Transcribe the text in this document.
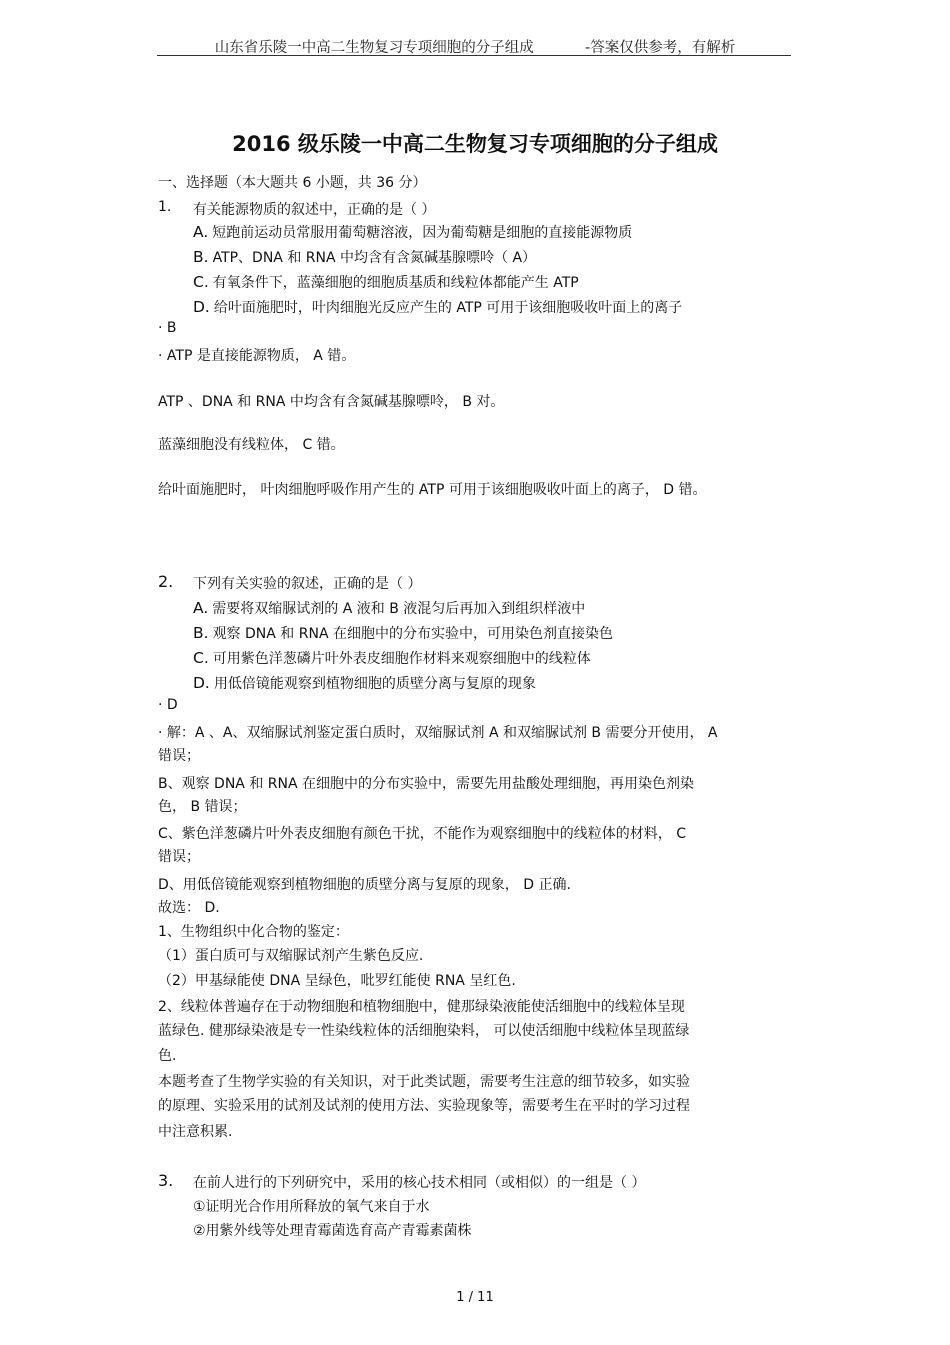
山东省乐陵一中高二生物复习专项细胞的分子组成	-答案仅供参考，有解析
2016 级乐陵一中高二生物复习专项细胞的分子组成
一、选择题（本大题共 6 小题，共 36 分）
1. 有关能源物质的叙述中，正确的是（ ）
A. 短跑前运动员常服用葡萄糖溶液，因为葡萄糖是细胞的直接能源物质
B. ATP、DNA 和 RNA 中均含有含氮碱基腺嘌呤（ A）
C. 有氧条件下，蓝藻细胞的细胞质基质和线粒体都能产生 ATP
D. 给叶面施肥时，叶肉细胞光反应产生的 ATP 可用于该细胞吸收叶面上的离子
· B
· ATP 是直接能源物质， A 错。
ATP 、DNA 和 RNA 中均含有含氮碱基腺嘌呤， B 对。
蓝藻细胞没有线粒体， C 错。
给叶面施肥时， 叶肉细胞呼吸作用产生的 ATP 可用于该细胞吸收叶面上的离子， D 错。
2. 下列有关实验的叙述，正确的是（ ）
A. 需要将双缩脲试剂的 A 液和 B 液混匀后再加入到组织样液中
B. 观察 DNA 和 RNA 在细胞中的分布实验中，可用染色剂直接染色
C. 可用紫色洋葱磷片叶外表皮细胞作材料来观察细胞中的线粒体
D. 用低倍镜能观察到植物细胞的质壁分离与复原的现象
· D
· 解：A 、A、双缩脲试剂鉴定蛋白质时，双缩脲试剂 A 和双缩脲试剂 B 需要分开使用， A
错误；
B、观察 DNA 和 RNA 在细胞中的分布实验中，需要先用盐酸处理细胞，再用染色剂染
色， B 错误；
C、紫色洋葱磷片叶外表皮细胞有颜色干扰，不能作为观察细胞中的线粒体的材料， C
错误；
D、用低倍镜能观察到植物细胞的质壁分离与复原的现象， D 正确.
故选： D.
1、生物组织中化合物的鉴定：
（1）蛋白质可与双缩脲试剂产生紫色反应.
（2）甲基绿能使 DNA 呈绿色，吡罗红能使 RNA 呈红色.
2、线粒体普遍存在于动物细胞和植物细胞中，健那绿染液能使活细胞中的线粒体呈现
蓝绿色. 健那绿染液是专一性染线粒体的活细胞染料， 可以使活细胞中线粒体呈现蓝绿
色.
本题考查了生物学实验的有关知识，对于此类试题，需要考生注意的细节较多，如实验
的原理、实验采用的试剂及试剂的使用方法、实验现象等，需要考生在平时的学习过程
中注意积累.
3. 在前人进行的下列研究中，采用的核心技术相同（或相似）的一组是（ ）
①证明光合作用所释放的氧气来自于水
②用紫外线等处理青霉菌选育高产青霉素菌株
1 / 11
